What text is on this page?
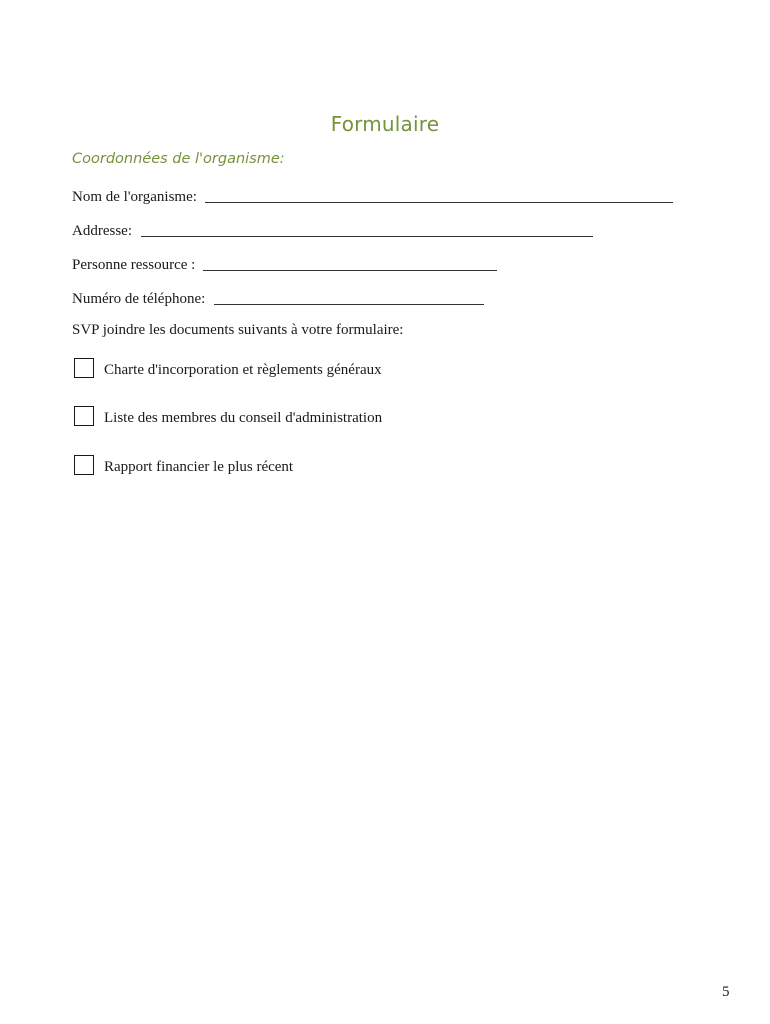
Formulaire
Coordonnées de l'organisme:
Nom de l'organisme:
Addresse:
Personne ressource :
Numéro de téléphone:
SVP joindre les documents suivants à votre formulaire:
Charte d'incorporation et règlements généraux
Liste des membres du conseil d'administration
Rapport financier le plus récent
5
